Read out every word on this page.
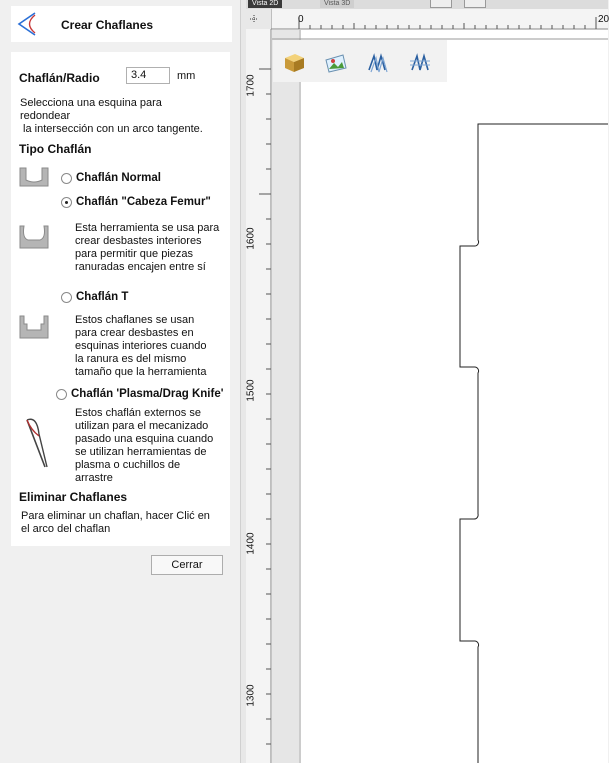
Crear Chaflanes
Chaflán/Radio	3.4	mm
Selecciona una esquina para
redondear
la intersección con un arco tangente.
Tipo Chaflán
Chaflán Normal
Chaflán "Cabeza Femur"
Esta herramienta se usa para
crear desbastes interiores
para permitir que piezas
ranuradas encajen entre sí
Chaflán T
Estos chaflanes se usan
para crear desbastes en
esquinas interiores cuando
la ranura es del mismo
tamaño que la herramienta
Chaflán 'Plasma/Drag Knife'
Estos chaflán externos se
utilizan para el mecanizado
pasado una esquina cuando
se utilizan herramientas de
plasma o cuchillos de
arrastre
Eliminar Chaflanes
Para eliminar un chaflan, hacer Clić en
el arco del chaflan
Cerrar
Vista 2D	Vista 3D
0	20
1700
1600
1500
1400
1300
